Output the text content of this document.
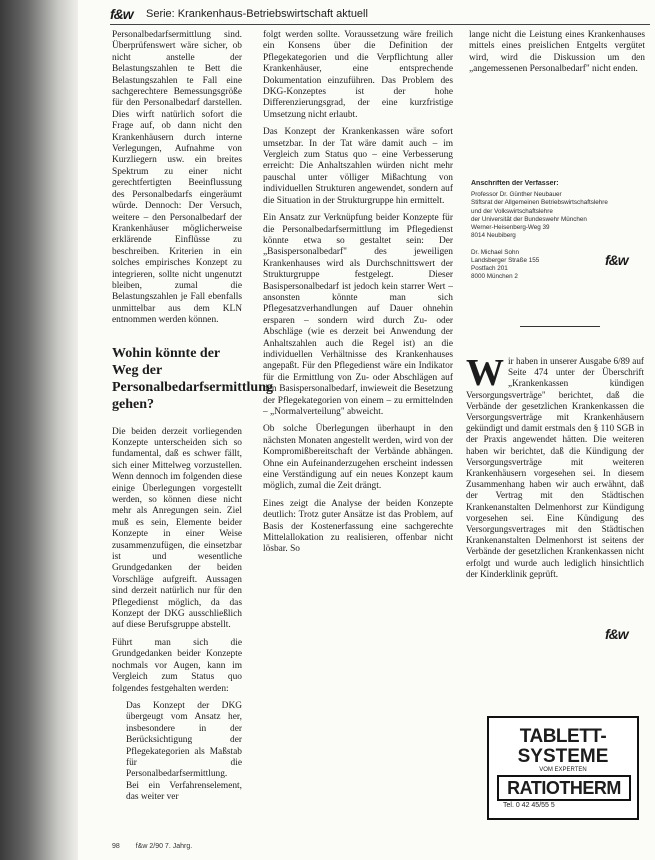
f&w Serie: Krankenhaus-Betriebswirtschaft aktuell

Personalbedarfsermittlung sind. Überprüfenswert wäre sicher, ob nicht anstelle der Belastungszahlen te Bett die Belastungszahlen te Fall eine sachgerechtere Bemessungsgröße für den Personalbedarf darstellen. Dies wirft natürlich sofort die Frage auf, ob dann nicht den Krankenhäusern durch interne Verlegungen, Aufnahme von Kurzliegern usw. ein breites Spektrum zu einer nicht gerechtfertigten Beeinflussung des Personalbedarfs eingeräumt würde. Dennoch: Der Versuch, weitere – den Personalbedarf der Krankenhäuser möglicherweise erklärende Einflüsse zu beschreiben. Kriterien in ein solches empirisches Konzept zu integrieren, sollte nicht ungenutzt bleiben, zumal die Belastungszahlen je Fall ebenfalls unmittelbar aus dem KLN entnommen werden können.

Wohin könnte der Weg der Personalbedarfsermittlung gehen?

Die beiden derzeit vorliegenden Konzepte unterscheiden sich so fundamental, daß es schwer fällt, sich einer Mittelweg vorzustellen. Wenn dennoch im folgenden diese einige Überlegungen vorgestellt werden, so können diese nicht mehr als Anregungen sein. Ziel muß es sein, Elemente beider Konzepte in einer Weise zusammenzufügen, die einsetzbar ist und wesentliche Grundgedanken der beiden Vorschläge aufgreift. Aussagen sind derzeit natürlich nur für den Pflegedienst möglich, da das Konzept der DKG ausschließlich auf diese Berufsgruppe abstellt.

Führt man sich die Grundgedanken beider Konzepte nochmals vor Augen, kann im Vergleich zum Status quo folgendes festgehalten werden:

Das Konzept der DKG übergeugt vom Ansatz her, insbesondere in der Berücksichtigung der Pflegekategorien als Maßstab für die Personalbedarfsermittlung. Bei ein Verfahrenselement, das weiter ver

folgt werden sollte. Voraussetzung wäre freilich ein Konsens über die Definition der Pflegekategorien und die Verpflichtung aller Krankenhäuser, eine entsprechende Dokumentation einzuführen. Das Problem des DKG-Konzeptes ist der hohe Differenzierungsgrad, der eine kurzfristige Umsetzung nicht erlaubt.

Das Konzept der Krankenkassen wäre sofort umsetzbar. In der Tat wäre damit auch – im Vergleich zum Status quo – eine Verbesserung erreicht: Die Anhaltszahlen würden nicht mehr pauschal unter völliger Mißachtung von individuellen Strukturen angewendet, sondern auf die Situation in der Strukturgruppe hin ermittelt.

Ein Ansatz zur Verknüpfung beider Konzepte für die Personalbedarfsermittlung im Pflegedienst könnte etwa so gestaltet sein: Der „Basispersonalbedarf" des jeweiligen Krankenhauses wird als Durchschnittswert der Strukturgruppe festgelegt. Dieser Basispersonalbedarf ist jedoch kein starrer Wert – ansonsten könnte man sich Pflegesatzverhandlungen auf Dauer ohnehin ersparen – sondern wird durch Zu- oder Abschläge (wie es derzeit bei Anwendung der Anhaltszahlen auch die Regel ist) an die individuellen Verhältnisse des Krankenhauses angepaßt. Für den Pflegedienst wäre ein Indikator für die Ermittlung von Zu- oder Abschlägen auf den Basispersonalbedarf, inwieweit die Besetzung der Pflegekategorien von einem – zu ermittelnden – „Normalverteilung" abweicht.

Ob solche Überlegungen überhaupt in den nächsten Monaten angestellt werden, wird von der Kompromißbereitschaft der Verbände abhängen. Ohne ein Aufeinanderzugehen erscheint indessen eine Verständigung auf ein neues Konzept kaum möglich, zumal die Zeit drängt.

Eines zeigt die Analyse der beiden Konzepte deutlich: Trotz guter Ansätze ist das Problem, auf Basis der Kostenerfassung eine sachgerechte Mittelallokation zu realisieren, offenbar nicht lösbar. So

lange nicht die Leistung eines Krankenhauses mittels eines preislichen Entgelts vergütet wird, wird die Diskussion um den „angemessenen Personalbedarf" nicht enden.

Anschriften der Verfasser:
Professor Dr. Günther Neubauer
Stiftsrat der Allgemeinen Betriebswirtschaftslehre
und der Volkswirtschaftslehre
der Universität der Bundeswehr München
Werner-Heisenberg-Weg 39
8014 Neubiberg

Dr. Michael Sohn
Landsberger Straße 155
Postfach 201
8000 München 2
f&w
W ir haben in unserer Ausgabe 6/89 auf Seite 474 unter der Überschrift „Krankenkassen kündigen Versorgungsverträge" berichtet, daß die Verbände der gesetzlichen Krankenkassen die Versorgungsverträge mit Krankenhäusern gekündigt und damit erstmals den § 110 SGB in der Praxis angewendet hätten. Die weiteren haben wir berichtet, daß die Kündigung der Versorgungsverträge mit weiteren Krankenhäusern vorgesehen sei. In diesem Zusammenhang haben wir auch erwähnt, daß der Vertrag mit den Städtischen Krankenanstalten Delmenhorst zur Kündigung vorgesehen sei. Eine Kündigung des Versorgungsvertrages mit den Städtischen Krankenanstalten Delmenhorst ist seitens der Verbände der gesetzlichen Krankenkassen nicht erfolgt und wurde auch lediglich hinsichtlich der Kinderklinik geprüft.

f&w
TABLETT-
SYSTEME
VOM EXPERTEN
RATIOTHERM
Tel. 0 42 45/55 5
98 f&w 2/90 7. Jahrg.
